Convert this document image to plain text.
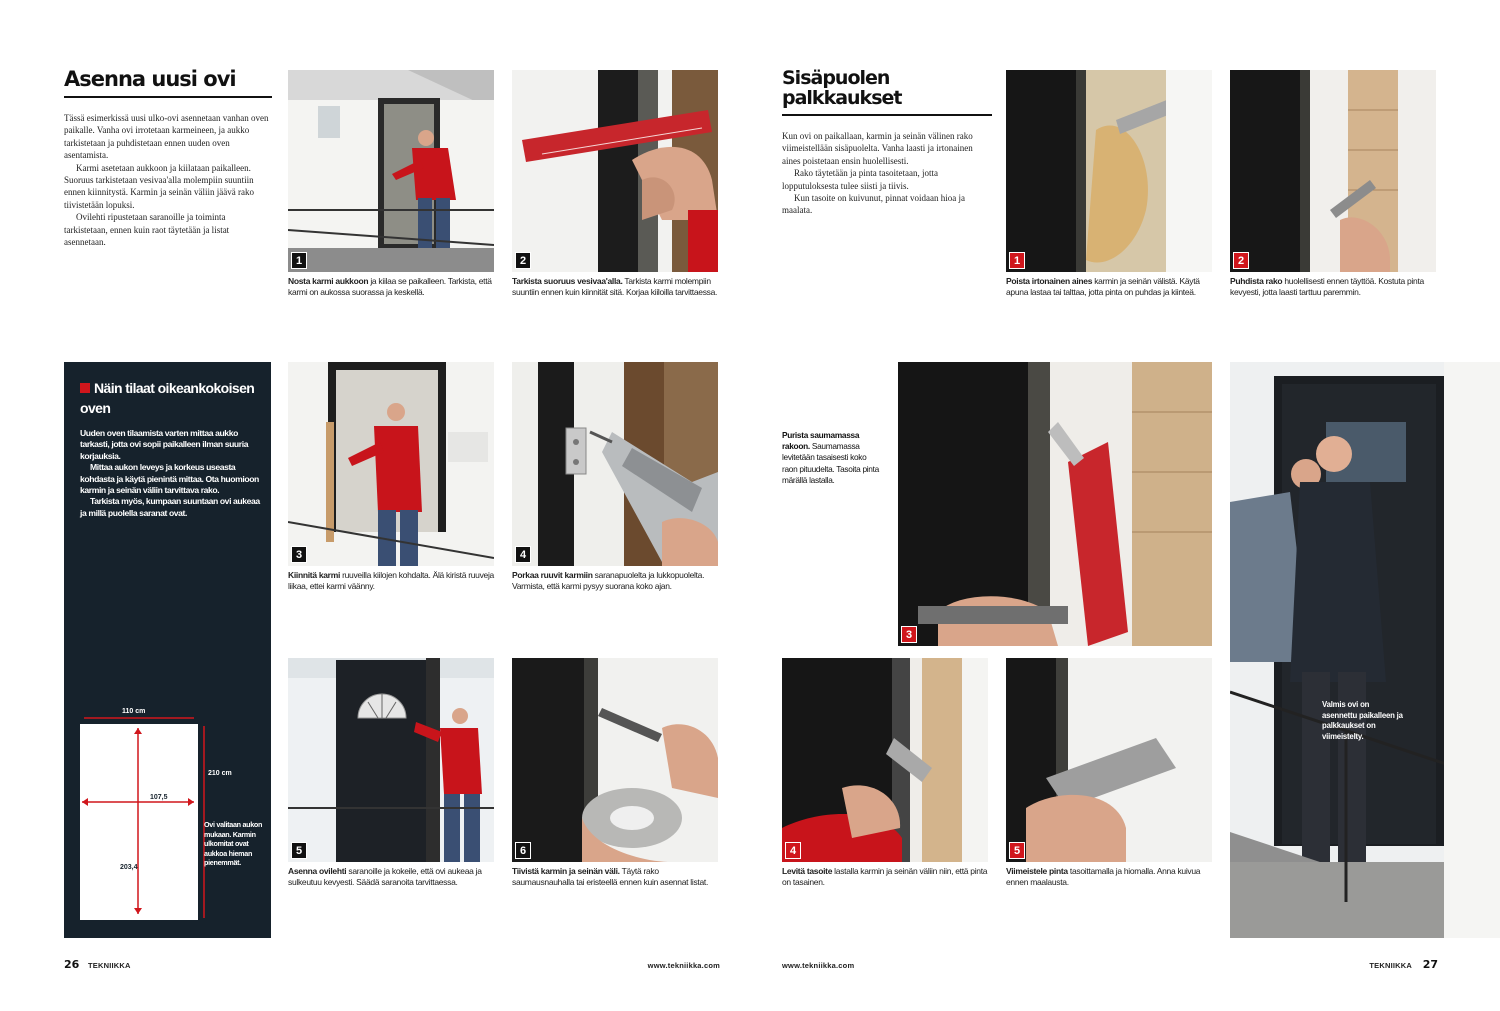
Asenna uusi ovi

Tässä esimerkissä uusi ulko-ovi asennetaan vanhan oven paikalle. Vanha ovi irrotetaan karmeineen, ja aukko tarkistetaan ja puhdistetaan ennen uuden oven asentamista.

Karmi asetetaan aukkoon ja kiilataan paikalleen. Suoruus tarkistetaan vesivaa'alla molempiin suuntiin ennen kiinnitystä. Karmin ja seinän väliin jäävä rako tiivistetään lopuksi.

Ovilehti ripustetaan saranoille ja toiminta tarkistetaan, ennen kuin raot täytetään ja listat asennetaan.

1
Nosta karmi aukkoon ja kiilaa se paikalleen. Tarkista, että karmi on aukossa suorassa ja keskellä.
2
Tarkista suoruus vesivaa'alla. Tarkista karmi molempiin suuntiin ennen kuin kiinnität sitä. Korjaa kiiloilla tarvittaessa.
Näin tilaat oikeankokoisen oven

Uuden oven tilaamista varten mittaa aukko tarkasti, jotta ovi sopii paikalleen ilman suuria korjauksia.

Mittaa aukon leveys ja korkeus useasta kohdasta ja käytä pienintä mittaa. Ota huomioon karmin ja seinän väliin tarvittava rako.

Tarkista myös, kumpaan suuntaan ovi aukeaa ja millä puolella saranat ovat.

110 cm
210 cm
107,5
203,4
Ovi valitaan aukon mukaan. Karmin ulkomitat ovat aukkoa hieman pienemmät.
3
Kiinnitä karmi ruuveilla kiilojen kohdalta. Älä kiristä ruuveja liikaa, ettei karmi väänny.
4
Porkaa ruuvit karmiin saranapuolelta ja lukkopuolelta. Varmista, että karmi pysyy suorana koko ajan.
5
Asenna ovilehti saranoille ja kokeile, että ovi aukeaa ja sulkeutuu kevyesti. Säädä saranoita tarvittaessa.
6
Tiivistä karmin ja seinän väli. Täytä rako saumausnauhalla tai eristeellä ennen kuin asennat listat.
26 TEKNIIKKA	www.tekniikka.com
Sisäpuolen palkkaukset

Kun ovi on paikallaan, karmin ja seinän välinen rako viimeistellään sisäpuolelta. Vanha laasti ja irtonainen aines poistetaan ensin huolellisesti.

Rako täytetään ja pinta tasoitetaan, jotta lopputuloksesta tulee siisti ja tiivis.

Kun tasoite on kuivunut, pinnat voidaan hioa ja maalata.

1
Poista irtonainen aines karmin ja seinän välistä. Käytä apuna lastaa tai talttaa, jotta pinta on puhdas ja kiinteä.
2
Puhdista rako huolellisesti ennen täyttöä. Kostuta pinta kevyesti, jotta laasti tarttuu paremmin.
Purista saumamassa rakoon. Saumamassa levitetään tasaisesti koko raon pituudelta. Tasoita pinta märällä lastalla.
3
4
Levitä tasoite lastalla karmin ja seinän väliin niin, että pinta on tasainen.
5
Viimeistele pinta tasoittamalla ja hiomalla. Anna kuivua ennen maalausta.
Valmis ovi on asennettu paikalleen ja palkkaukset on viimeistelty.
www.tekniikka.com	TEKNIIKKA 27
